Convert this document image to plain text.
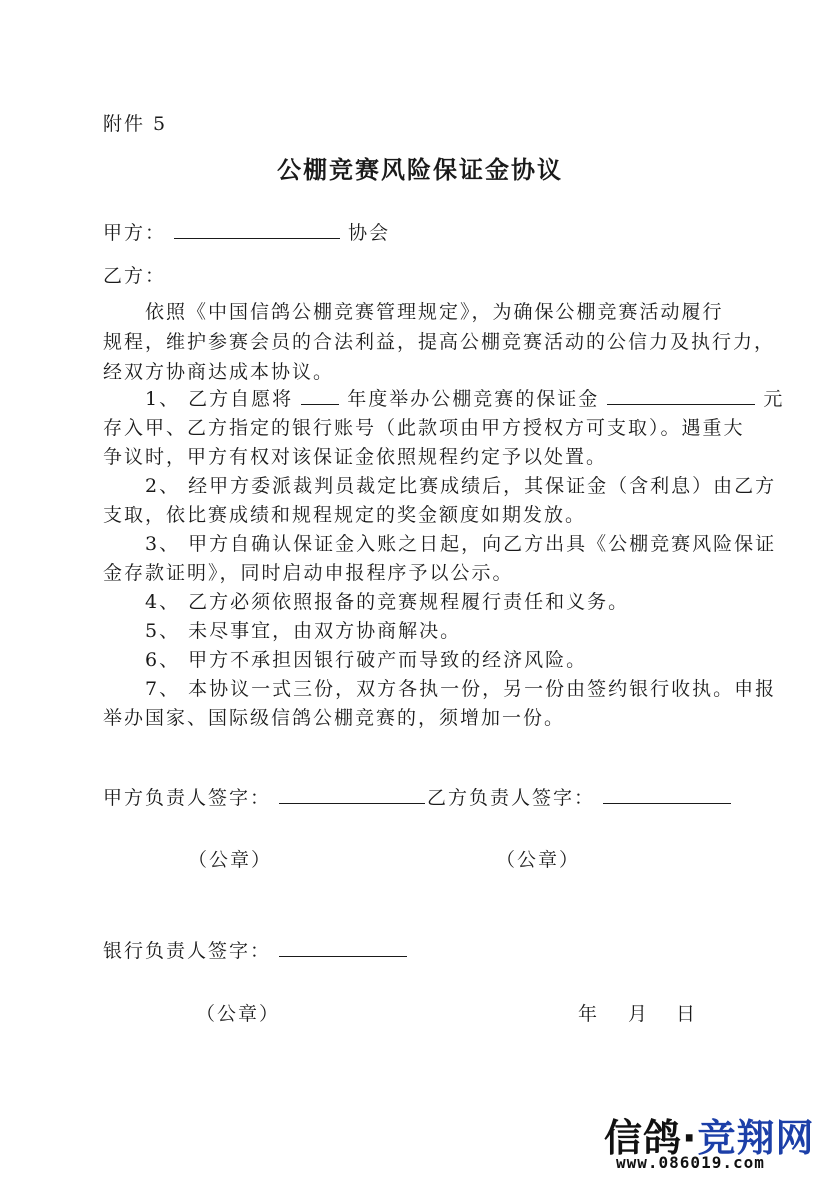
附件 5
公棚竞赛风险保证金协议
甲方：	协会
乙方：
依照《中国信鸽公棚竞赛管理规定》，为确保公棚竞赛活动履行
规程，维护参赛会员的合法利益，提高公棚竞赛活动的公信力及执行力，
经双方协商达成本协议。
1、 乙方自愿将	年度举办公棚竞赛的保证金	元
存入甲、乙方指定的银行账号（此款项由甲方授权方可支取）。遇重大
争议时，甲方有权对该保证金依照规程约定予以处置。
2、 经甲方委派裁判员裁定比赛成绩后，其保证金（含利息）由乙方
支取，依比赛成绩和规程规定的奖金额度如期发放。
3、 甲方自确认保证金入账之日起，向乙方出具《公棚竞赛风险保证
金存款证明》，同时启动申报程序予以公示。
4、 乙方必须依照报备的竞赛规程履行责任和义务。
5、 未尽事宜，由双方协商解决。
6、 甲方不承担因银行破产而导致的经济风险。
7、 本协议一式三份，双方各执一份，另一份由签约银行收执。申报
举办国家、国际级信鸽公棚竞赛的，须增加一份。
甲方负责人签字：	乙方负责人签字：
（公章）	（公章）
银行负责人签字：
（公章）	年 月 日
信鸽·竞翔网
www.086019.com
